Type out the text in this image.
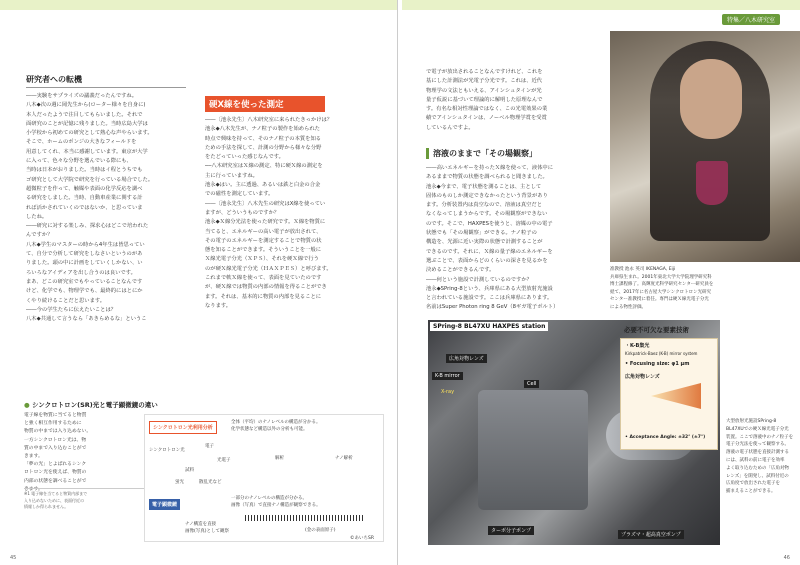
研究者への転機
――実験をサプライズの議義だったんですね。
八木◆次の週に岡先生から(ローター様々を自身に)
本人だったようで注目してもらいました。それで
面研究のことが記憶に残りました。当時広島大学は
小学校から初めての研究として熱心な声やらいます。
そこで、ホームのポンジの大きなフィールドを
用意してくれ、本当に感謝しています。東京が大学
に入って、色々な分野を選んでいる際にも、
当時は日本がおりました。当時はイ程とうちでも
ゴ研究として大学院で研究を行っている場合でした。
超微粒子を作って、触媒や表面の化学反応を調べ
る研究をしました。当時、自動車産業に関する計
れば活かされていくのではないか、と思っていま
したね。
――研究に対する楽しみ、探求心はどこで培われた
んですか？
八木◆学生のマスターの時から4年生は皆思ってい
て、自分で分析して研究をしなさいというのがあ
りました。頭の中に計画をしていくしかない、い
ろいろなアイディアを出し合うのは良いです。
まあ、どこの研究室でもやっていることなんです
けど、化学でも、物理学でも、最終的にはとにか
くやり続けることだと思います。
――今の学生たちに伝えたいことは？
八木◆共通して言うなら「あきらめるな」というこ

硬X線を使った測定
――〔池永先生〕八木研究室に来られたきっかけは？
池永◆八木先生が、ナノ粒子の製作を始められた
時点で興味を持って、そのナノ粒子の本質を知る
ための手法を探して、計測の分野から様々な分野
をたどっていった感じなんです。
──八木研究室はＸ線の測定、特に硬Ｘ線の測定を
主に行っていますね。
池永◆はい。主に透過、あるいは鉄と白金の合金
での磁性を測定しています。
――〔池永先生〕八木先生の研究はX線を使ってい
ますが、どういうものですか？
池永◆Ｘ線分光法を使った研究です。Ｘ線を物質に
当てると、エネルギーの高い電子が放出されて、
その電子のエネルギーを測定することで物質の状
態を知ることができます。そういうことを一般に
Ｘ線光電子分光（ＸＰＳ）、それを硬Ｘ線で行う
のが硬Ｘ線光電子分光（ＨＡＸＰＥＳ）と呼びます。
これまで軟Ｘ線を使って、表面を見ていたのです
が、硬Ｘ線では物質の内部の情報を得ることができ
ます。それは、基本的に物質の内部を見ることに
なります。
● シンクロトロン(SR)光と電子顕微鏡の違い
電子線を物質に当てると物質
と強く相互作用するために
物質の中までは入り込めない。
一方シンクロトロン光は、物
質の中まで入り込むことがで
きます。
「夢の光」とよばれるシンク
ロトロン光を使えば、物質の
内部の状態を調べることがで
きます。
※1 電子線を当てると物質内部まで
入り込めないために、表面付近の
情報しか得られません。
シンクロトロン光利用分析
全体（平均）のナノレベルの構造が分かる。
化学状態など構造以外の分析も可能。
シンクロトロン光
電子
光電子
試料
蛍光	散乱光など
解析	ナノ解析
電子顕微鏡
一部分のナノレベルの構造が分かる。
画像（写真）で直接ナノ構造が観察できる。
ナノ構造を直接
画像(写真)として観察	(金の表面原子)
©あいちSR
45
特集／八木研究室
で電子が放出されることなんですけれど、これを
基にした計測法が光電子分光です。これは、近代
物理学の文法ともいえる、アインシュタインが光
量子仮説に基づいて理論的に解明した原理なんで
す。有名な相対性理論ではなく、この光電効果の業
績でアインシュタインは、ノーベル物理学賞を受賞
しているんですよ。
溶液のままで「その場観察」
――高いエネルギーを持ったＸ線を使って、液体中に
あるままで物質の状態を調べられると聞きました。
池永◆今まで、電子状態を測ることは、主として
固体のものしか測定できなかったという背景があり
ます。分析装置内は真空なので、溶液は真空だと
なくなってしまうからです。その場観察ができない
のです。そこで、HAXPESを使うと、溶媒の中の電子
状態でも「その場観察」ができる。ナノ粒子の
構造を、光源に近い実際の状態で計測することが
できるのです。それに、Ｘ線の量子線のエネルギーを
選ぶことで、表面からどのくらいの深さを見るかを
決めることができるんです。
――何という施設で計測しているのですか？
池永◆SPring-8という、兵庫県にある大型放射光施設
と言われている施設です。ここは兵庫県にあります。
名前はSuper Photon ring 8 GeV（8ギガ電子ボルト）

准教授 池永 英司 IKENAGA, Eiji
兵庫県生まれ。2001年東北大学大学院理学研究科
博士課程修了。高輝度光科学研究センター研究員を
経て、2017年に名古屋大学シンクロトロン光研究
センター准教授に着任。専門は硬Ｘ線光電子分光
による物性評価。
SPring-8 BL47XU HAXPES station
広角対物レンズ
K-B mirror
X-ray
Cell
ターボ分子ポンプ
プラズマ・超高真空ポンプ
必要不可欠な要素技術
・K-B集光
Kirkpatrick-Baez (K-B) mirror system
• Focusing size: φ1 μm
広角対物レンズ
• Acceptance Angle: ±32° (±7°)
大型放射光施設SPring-8
BL47XUでの硬Ｘ線光電子分光
装置。ここで溶液中のナノ粒子を
電子分光法を使って観察する。
溶液の電子状態を直接計測する
には、試料の前に電子を効率
よく取り込むための「広角対物
レンズ」を開発し、試料付近の
広角度で放出された電子を
捕まえることができる。
46
